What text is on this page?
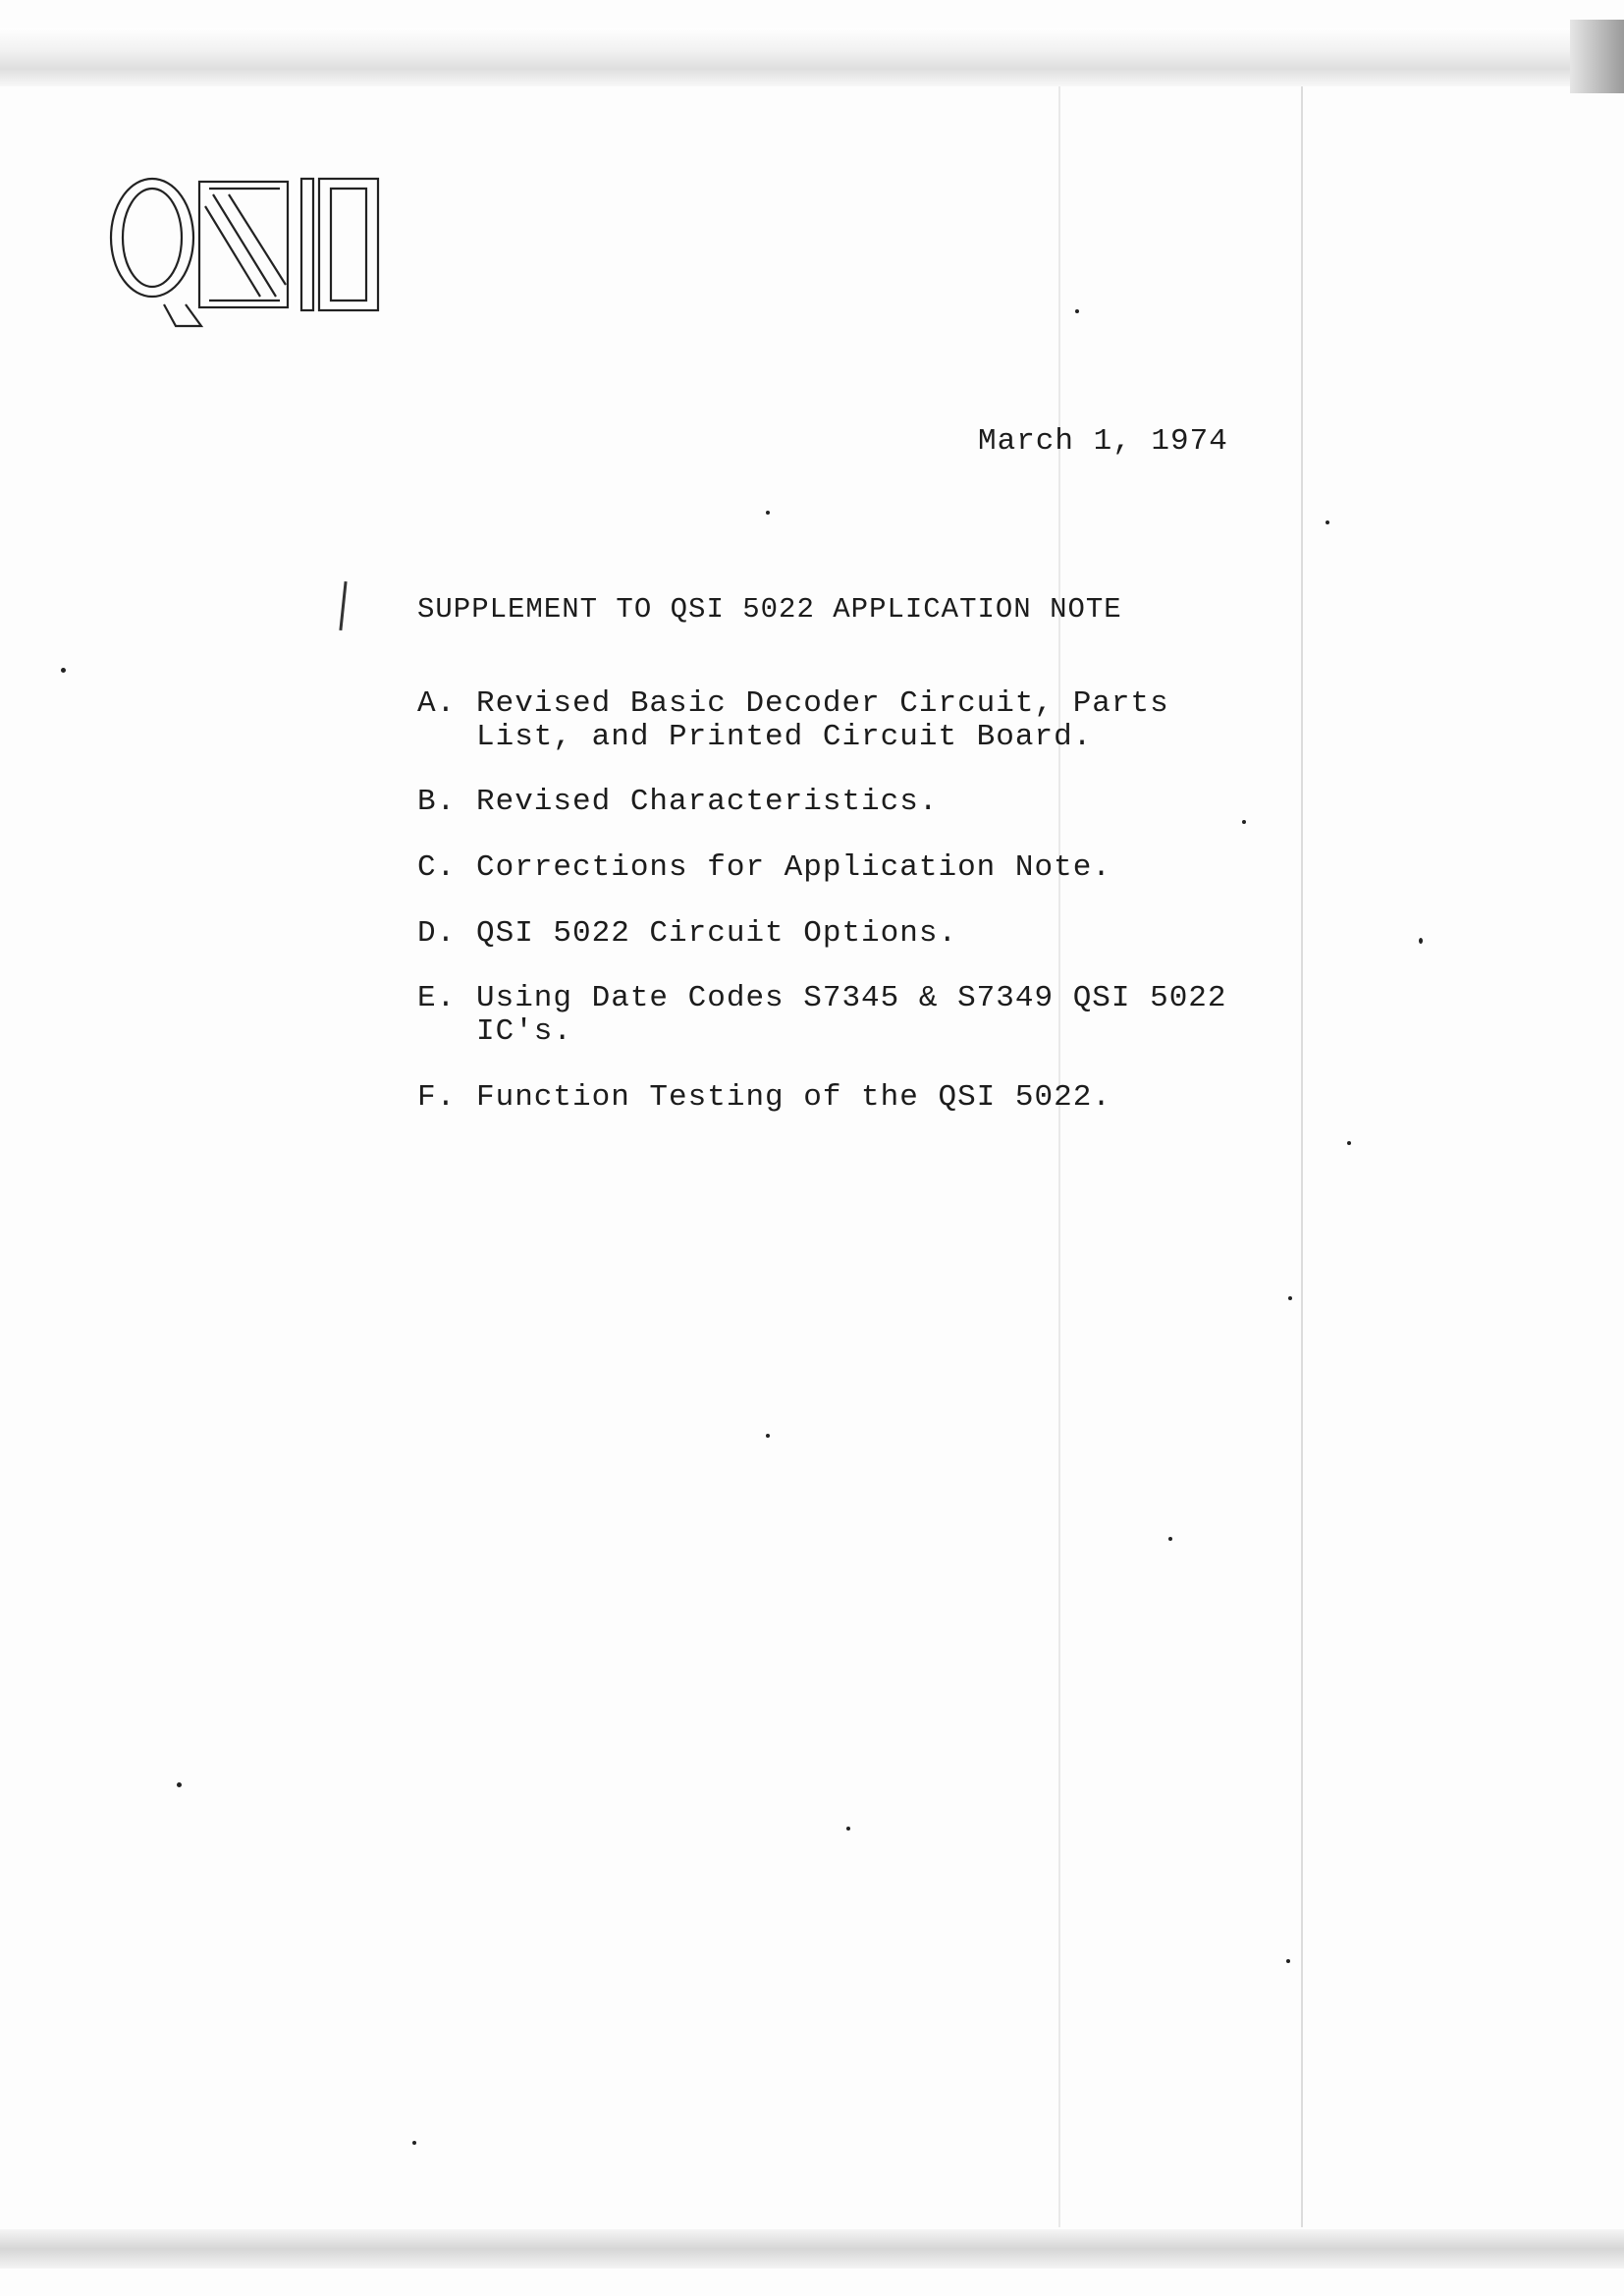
March 1, 1974
SUPPLEMENT TO QSI 5022 APPLICATION NOTE
A. Revised Basic Decoder Circuit, Parts
List, and Printed Circuit Board.
B. Revised Characteristics.
C. Corrections for Application Note.
D. QSI 5022 Circuit Options.
E. Using Date Codes S7345 & S7349 QSI 5022
IC's.
F. Function Testing of the QSI 5022.
